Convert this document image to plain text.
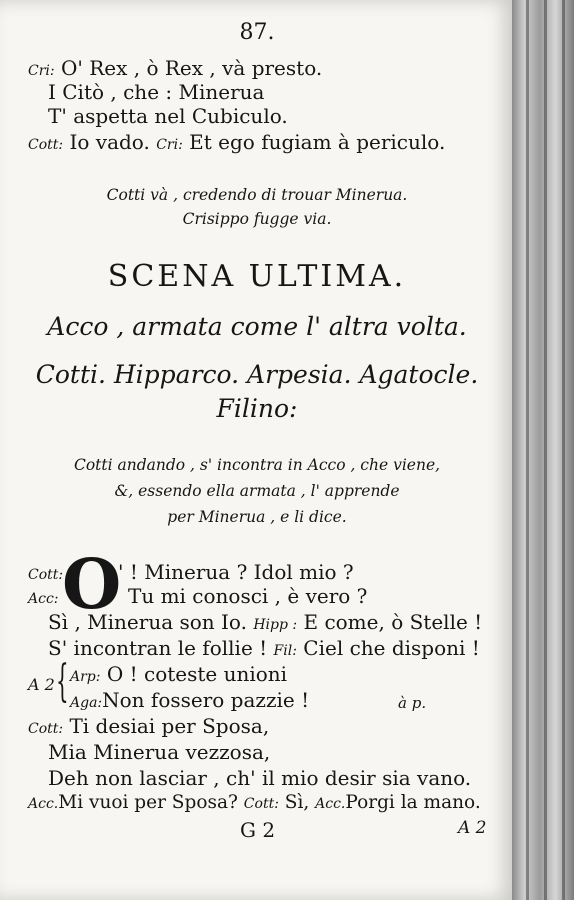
87.
Cri: O' Rex , ò Rex , và presto.
I Citò , che : Minerua
T' aspetta nel Cubiculo.
Cott: Io vado. Cri: Et ego fugiam à periculo.
Cotti và , credendo di trouar Minerua.
Crisippo fugge via.
SCENA ULTIMA.
Acco , armata come l' altra volta.
Cotti. Hipparco. Arpesia. Agatocle.
Filino:
Cotti andando , s' incontra in Acco , che viene,
&, essendo ella armata , l' apprende
per Minerua , e li dice.
Cott:
O
' ! Minerua ? Idol mio ?
Acc:	Tu mi conosci , è vero ?
Sì , Minerua son Io. Hipp : E come, ò Stelle !
S' incontran le follie ! Fil: Ciel che disponi !
A 2 { Arp: O ! coteste unioni
Aga:Non fossero pazzie !	à p.
Cott: Ti desiai per Sposa,
Mia Minerua vezzosa,
Deh non lasciar , ch' il mio desir sia vano.
Acc.Mi vuoi per Sposa? Cott: Sì, Acc.Porgi la mano.
G 2	A 2
